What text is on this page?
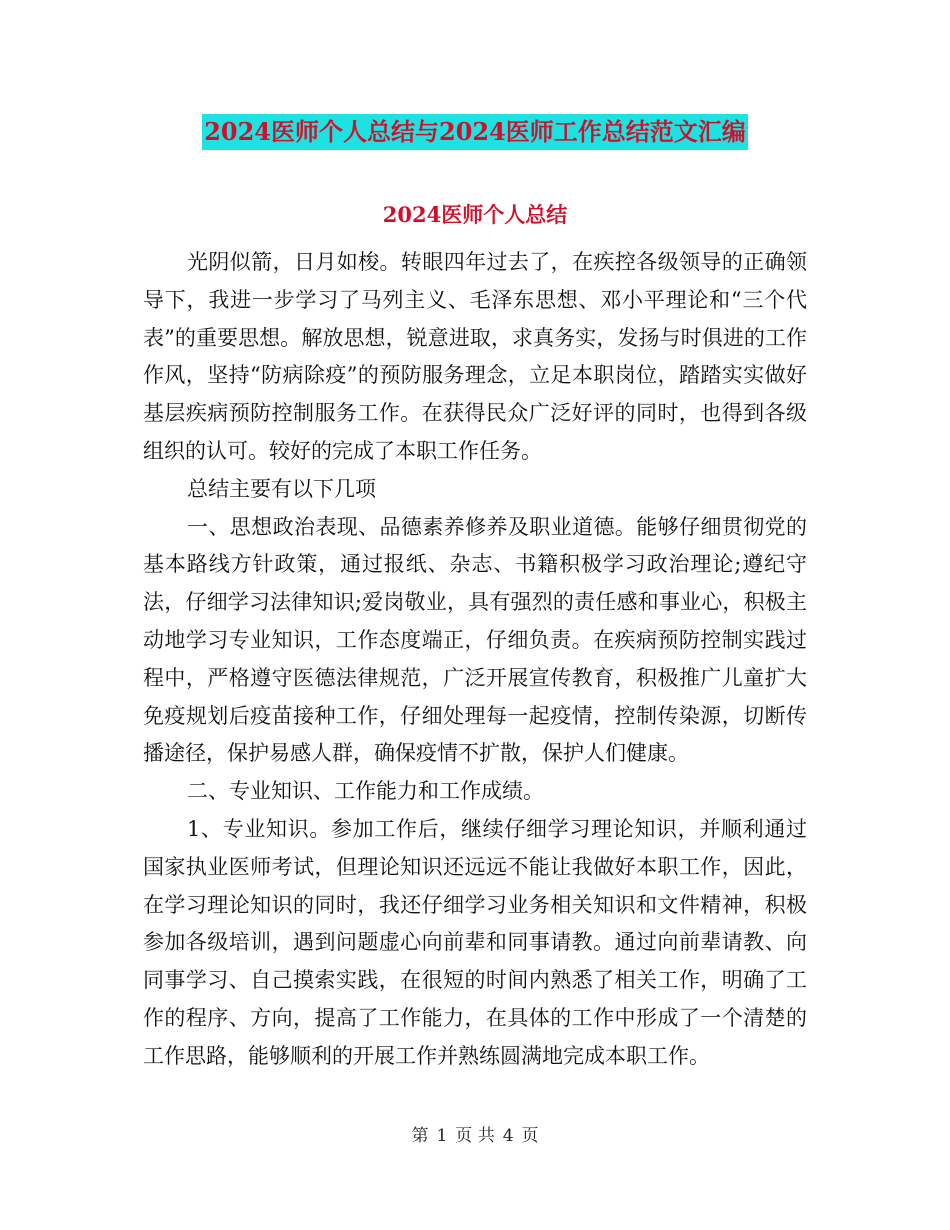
2024医师个人总结与2024医师工作总结范文汇编
2024医师个人总结

光阴似箭，日月如梭。转眼四年过去了，在疾控各级领导的正确领导下，我进一步学习了马列主义、毛泽东思想、邓小平理论和“三个代表”的重要思想。解放思想，锐意进取，求真务实，发扬与时俱进的工作作风，坚持“防病除疫”的预防服务理念，立足本职岗位，踏踏实实做好基层疾病预防控制服务工作。在获得民众广泛好评的同时，也得到各级组织的认可。较好的完成了本职工作任务。

总结主要有以下几项

一、思想政治表现、品德素养修养及职业道德。能够仔细贯彻党的基本路线方针政策，通过报纸、杂志、书籍积极学习政治理论;遵纪守法，仔细学习法律知识;爱岗敬业，具有强烈的责任感和事业心，积极主动地学习专业知识，工作态度端正，仔细负责。在疾病预防控制实践过程中，严格遵守医德法律规范，广泛开展宣传教育，积极推广儿童扩大免疫规划后疫苗接种工作，仔细处理每一起疫情，控制传染源，切断传播途径，保护易感人群，确保疫情不扩散，保护人们健康。

二、专业知识、工作能力和工作成绩。

1、专业知识。参加工作后，继续仔细学习理论知识，并顺利通过国家执业医师考试，但理论知识还远远不能让我做好本职工作，因此，在学习理论知识的同时，我还仔细学习业务相关知识和文件精神，积极参加各级培训，遇到问题虚心向前辈和同事请教。通过向前辈请教、向同事学习、自己摸索实践，在很短的时间内熟悉了相关工作，明确了工作的程序、方向，提高了工作能力，在具体的工作中形成了一个清楚的工作思路，能够顺利的开展工作并熟练圆满地完成本职工作。

第 1 页 共 4 页
